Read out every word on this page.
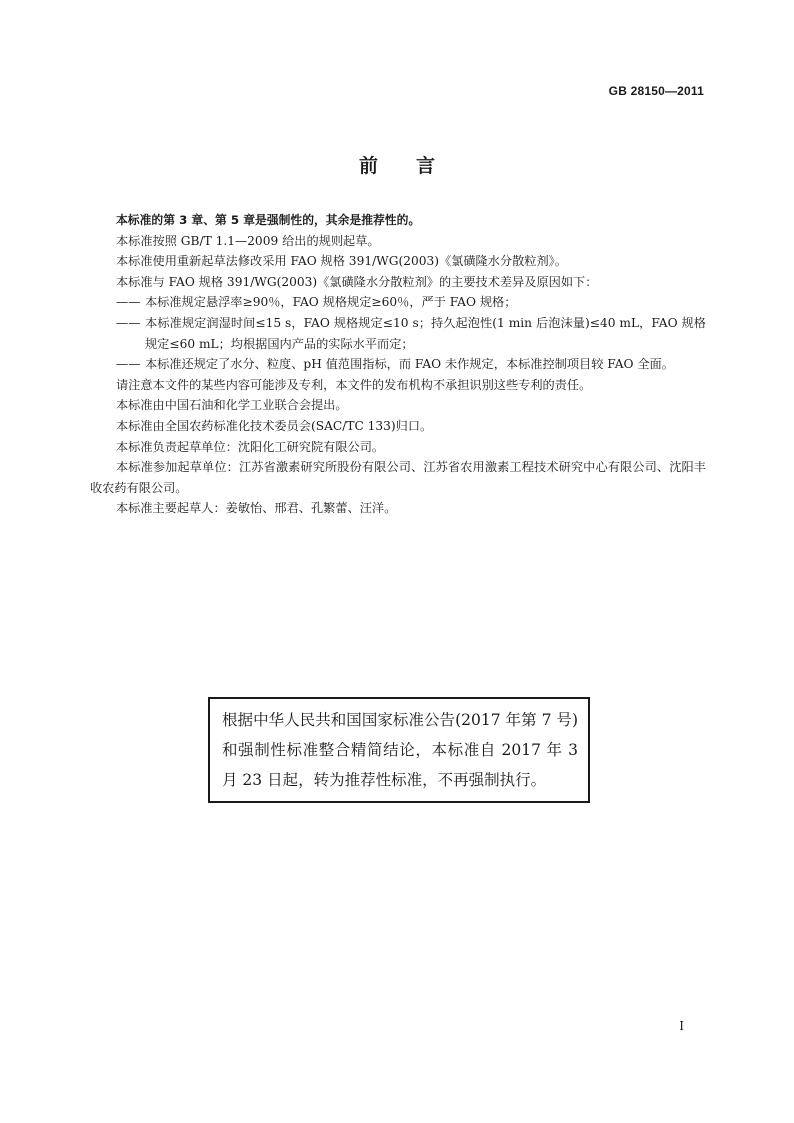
GB 28150—2011
前言

本标准的第 3 章、第 5 章是强制性的，其余是推荐性的。

本标准按照 GB/T 1.1—2009 给出的规则起草。

本标准使用重新起草法修改采用 FAO 规格 391/WG(2003)《氯磺隆水分散粒剂》。

本标准与 FAO 规格 391/WG(2003)《氯磺隆水分散粒剂》的主要技术差异及原因如下：

—— 本标准规定悬浮率≥90％，FAO 规格规定≥60％，严于 FAO 规格；

—— 本标准规定润湿时间≤15 s，FAO 规格规定≤10 s；持久起泡性(1 min 后泡沫量)≤40 mL，FAO 规格规定≤60 mL；均根据国内产品的实际水平而定；

—— 本标准还规定了水分、粒度、pH 值范围指标，而 FAO 未作规定，本标准控制项目较 FAO 全面。

请注意本文件的某些内容可能涉及专利，本文件的发布机构不承担识别这些专利的责任。

本标准由中国石油和化学工业联合会提出。

本标准由全国农药标准化技术委员会(SAC/TC 133)归口。

本标准负责起草单位：沈阳化工研究院有限公司。

本标准参加起草单位：江苏省激素研究所股份有限公司、江苏省农用激素工程技术研究中心有限公司、沈阳丰收农药有限公司。

本标准主要起草人：姜敏怡、邢君、孔繁蕾、汪洋。

根据中华人民共和国国家标准公告(2017 年第 7 号)和强制性标准整合精简结论，本标准自 2017 年 3 月 23 日起，转为推荐性标准，不再强制执行。
I
